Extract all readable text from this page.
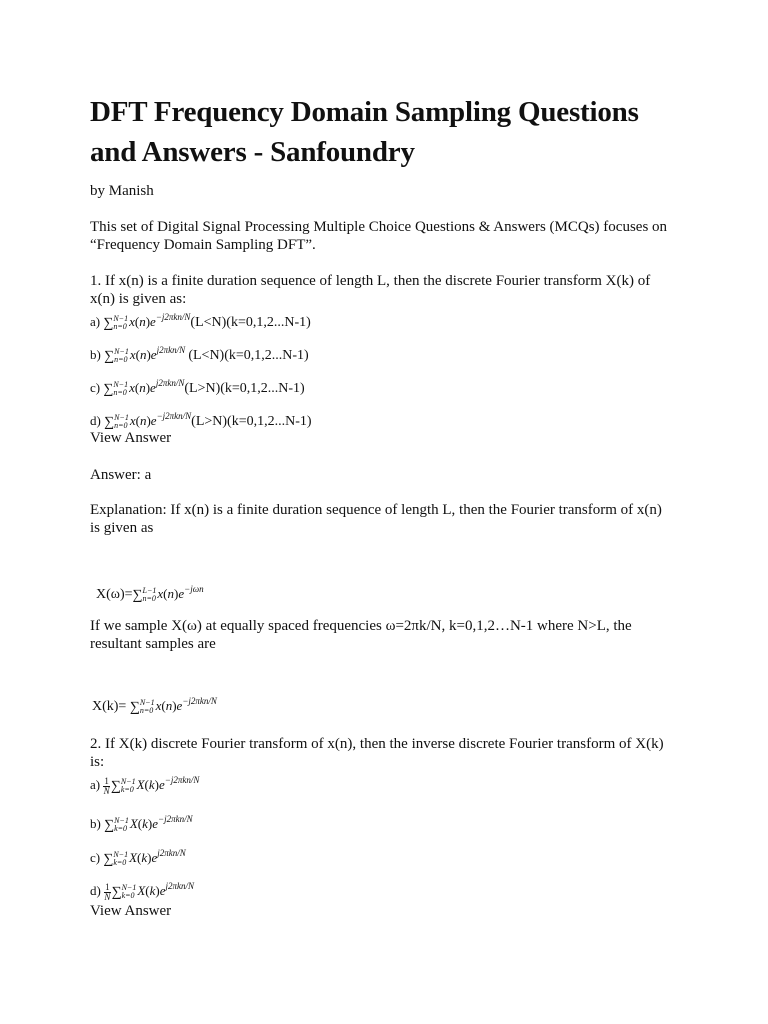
DFT Frequency Domain Sampling Questions and Answers - Sanfoundry
by Manish
This set of Digital Signal Processing Multiple Choice Questions & Answers (MCQs) focuses on “Frequency Domain Sampling DFT”.
1. If x(n) is a finite duration sequence of length L, then the discrete Fourier transform X(k) of x(n) is given as:
a) ∑ N−1
n=0 $x(n)e^{-j2\pi kn/N}(L<N)(k=0,1,2...N-1)$
b) ∑ N−1
n=0 $x(n)e^{j2\pi kn/N}$ (L<N)(k=0,1,2...N-1)
c) ∑ N−1
n=0 $x(n)e^{j2\pi kn/N}(L>N)(k=0,1,2...N-1)$
d) ∑ N−1
n=0 $x(n)e^{-j2\pi kn/N}(L>N)(k=0,1,2...N-1)$
View Answer
Answer: a
Explanation: If x(n) is a finite duration sequence of length L, then the Fourier transform of x(n) is given as
X(ω)=∑ L−1
n=0 $x(n)e^{-j\omega n}$
If we sample X(ω) at equally spaced frequencies ω=2πk/N, k=0,1,2…N-1 where N>L, the resultant samples are
X(k)= ∑ N−1
n=0 $x(n)e^{-j2\pi kn/N}$
2. If X(k) discrete Fourier transform of x(n), then the inverse discrete Fourier transform of X(k) is:
$a) \frac{1}{N}$ ∑ N−1
k=0 $X(k)e^{-j2\pi kn/N}$
b) ∑ N−1
k=0 $X(k)e^{-j2\pi kn/N}$
c) ∑ N−1
k=0 $X(k)e^{j2\pi kn/N}$
$d) \frac{1}{N}$ ∑ N−1
k=0 $X(k)e^{j2\pi kn/N}$
View Answer
